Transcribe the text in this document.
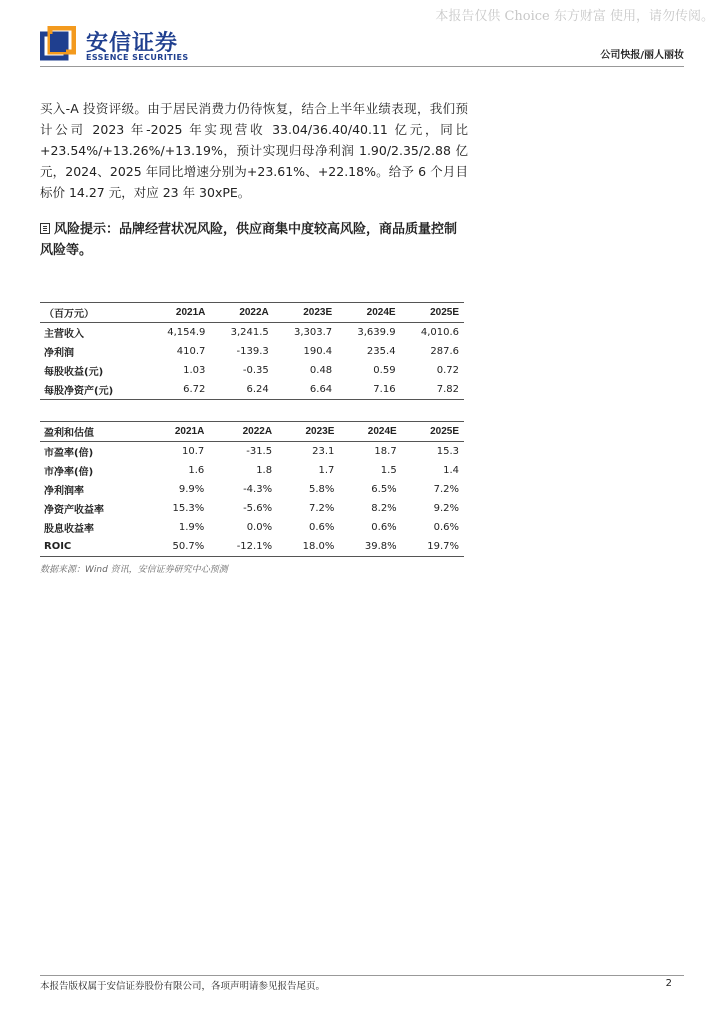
本报告仅供 Choice 东方财富 使用，请勿传阅。
安信证券
ESSENCE SECURITIES	公司快报/丽人丽妆
买入-A 投资评级。由于居民消费力仍待恢复，结合上半年业绩表现，我们预计公司 2023 年-2025 年实现营收 33.04/36.40/40.11 亿元，同比 +23.54%/+13.26%/+13.19%，预计实现归母净利润 1.90/2.35/2.88 亿元，2024、2025 年同比增速分别为+23.61%、+22.18%。给予 6 个月目标价 14.27 元，对应 23 年 30xPE。
风险提示：品牌经营状况风险，供应商集中度较高风险，商品质量控制风险等。
（百万元）	2021A	2022A	2023E	2024E	2025E
主营收入	4,154.9	3,241.5	3,303.7	3,639.9	4,010.6
净利润	410.7	-139.3	190.4	235.4	287.6
每股收益(元)	1.03	-0.35	0.48	0.59	0.72
每股净资产(元)	6.72	6.24	6.64	7.16	7.82
盈利和估值	2021A	2022A	2023E	2024E	2025E
市盈率(倍)	10.7	-31.5	23.1	18.7	15.3
市净率(倍)	1.6	1.8	1.7	1.5	1.4
净利润率	9.9%	-4.3%	5.8%	6.5%	7.2%
净资产收益率	15.3%	-5.6%	7.2%	8.2%	9.2%
股息收益率	1.9%	0.0%	0.6%	0.6%	0.6%
ROIC	50.7%	-12.1%	18.0%	39.8%	19.7%
数据来源：Wind 资讯，安信证券研究中心预测
本报告版权属于安信证券股份有限公司，各项声明请参见报告尾页。	2
